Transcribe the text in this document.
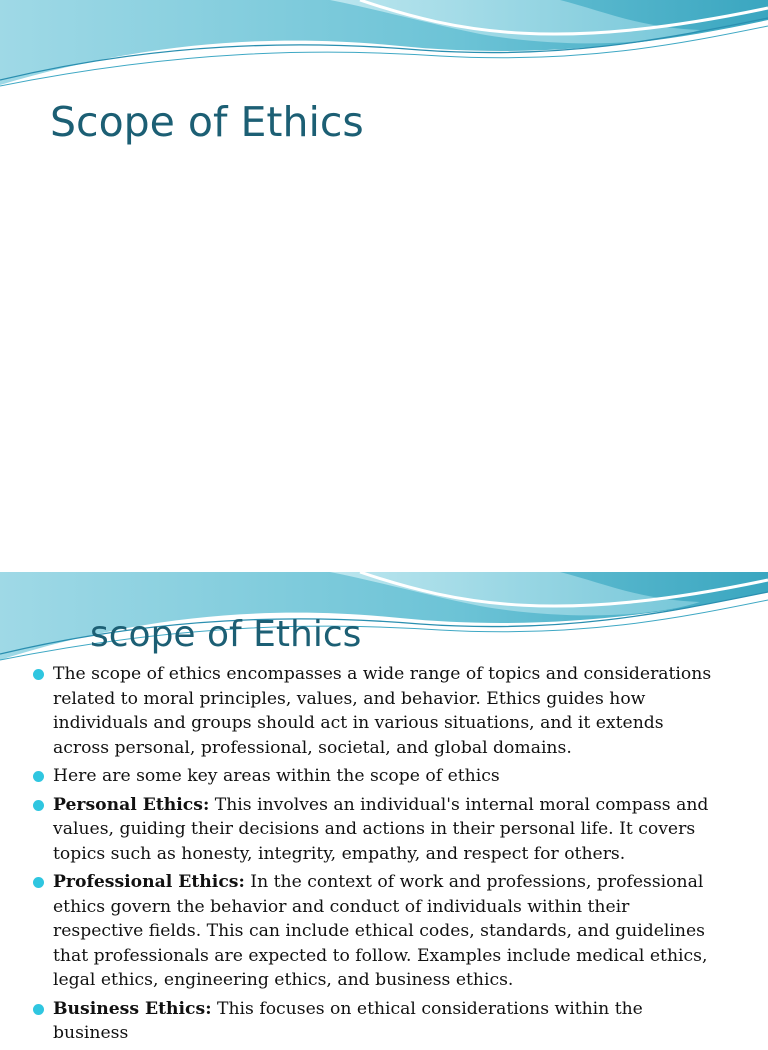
Scope of Ethics
scope of Ethics
The scope of ethics encompasses a wide range of topics and considerations related to moral principles, values, and behavior. Ethics guides how individuals and groups should act in various situations, and it extends across personal, professional, societal, and global domains.
Here are some key areas within the scope of ethics
Personal Ethics: This involves an individual's internal moral compass and values, guiding their decisions and actions in their personal life. It covers topics such as honesty, integrity, empathy, and respect for others.
Professional Ethics: In the context of work and professions, professional ethics govern the behavior and conduct of individuals within their respective fields. This can include ethical codes, standards, and guidelines that professionals are expected to follow. Examples include medical ethics, legal ethics, engineering ethics, and business ethics.
Business Ethics: This focuses on ethical considerations within the business
